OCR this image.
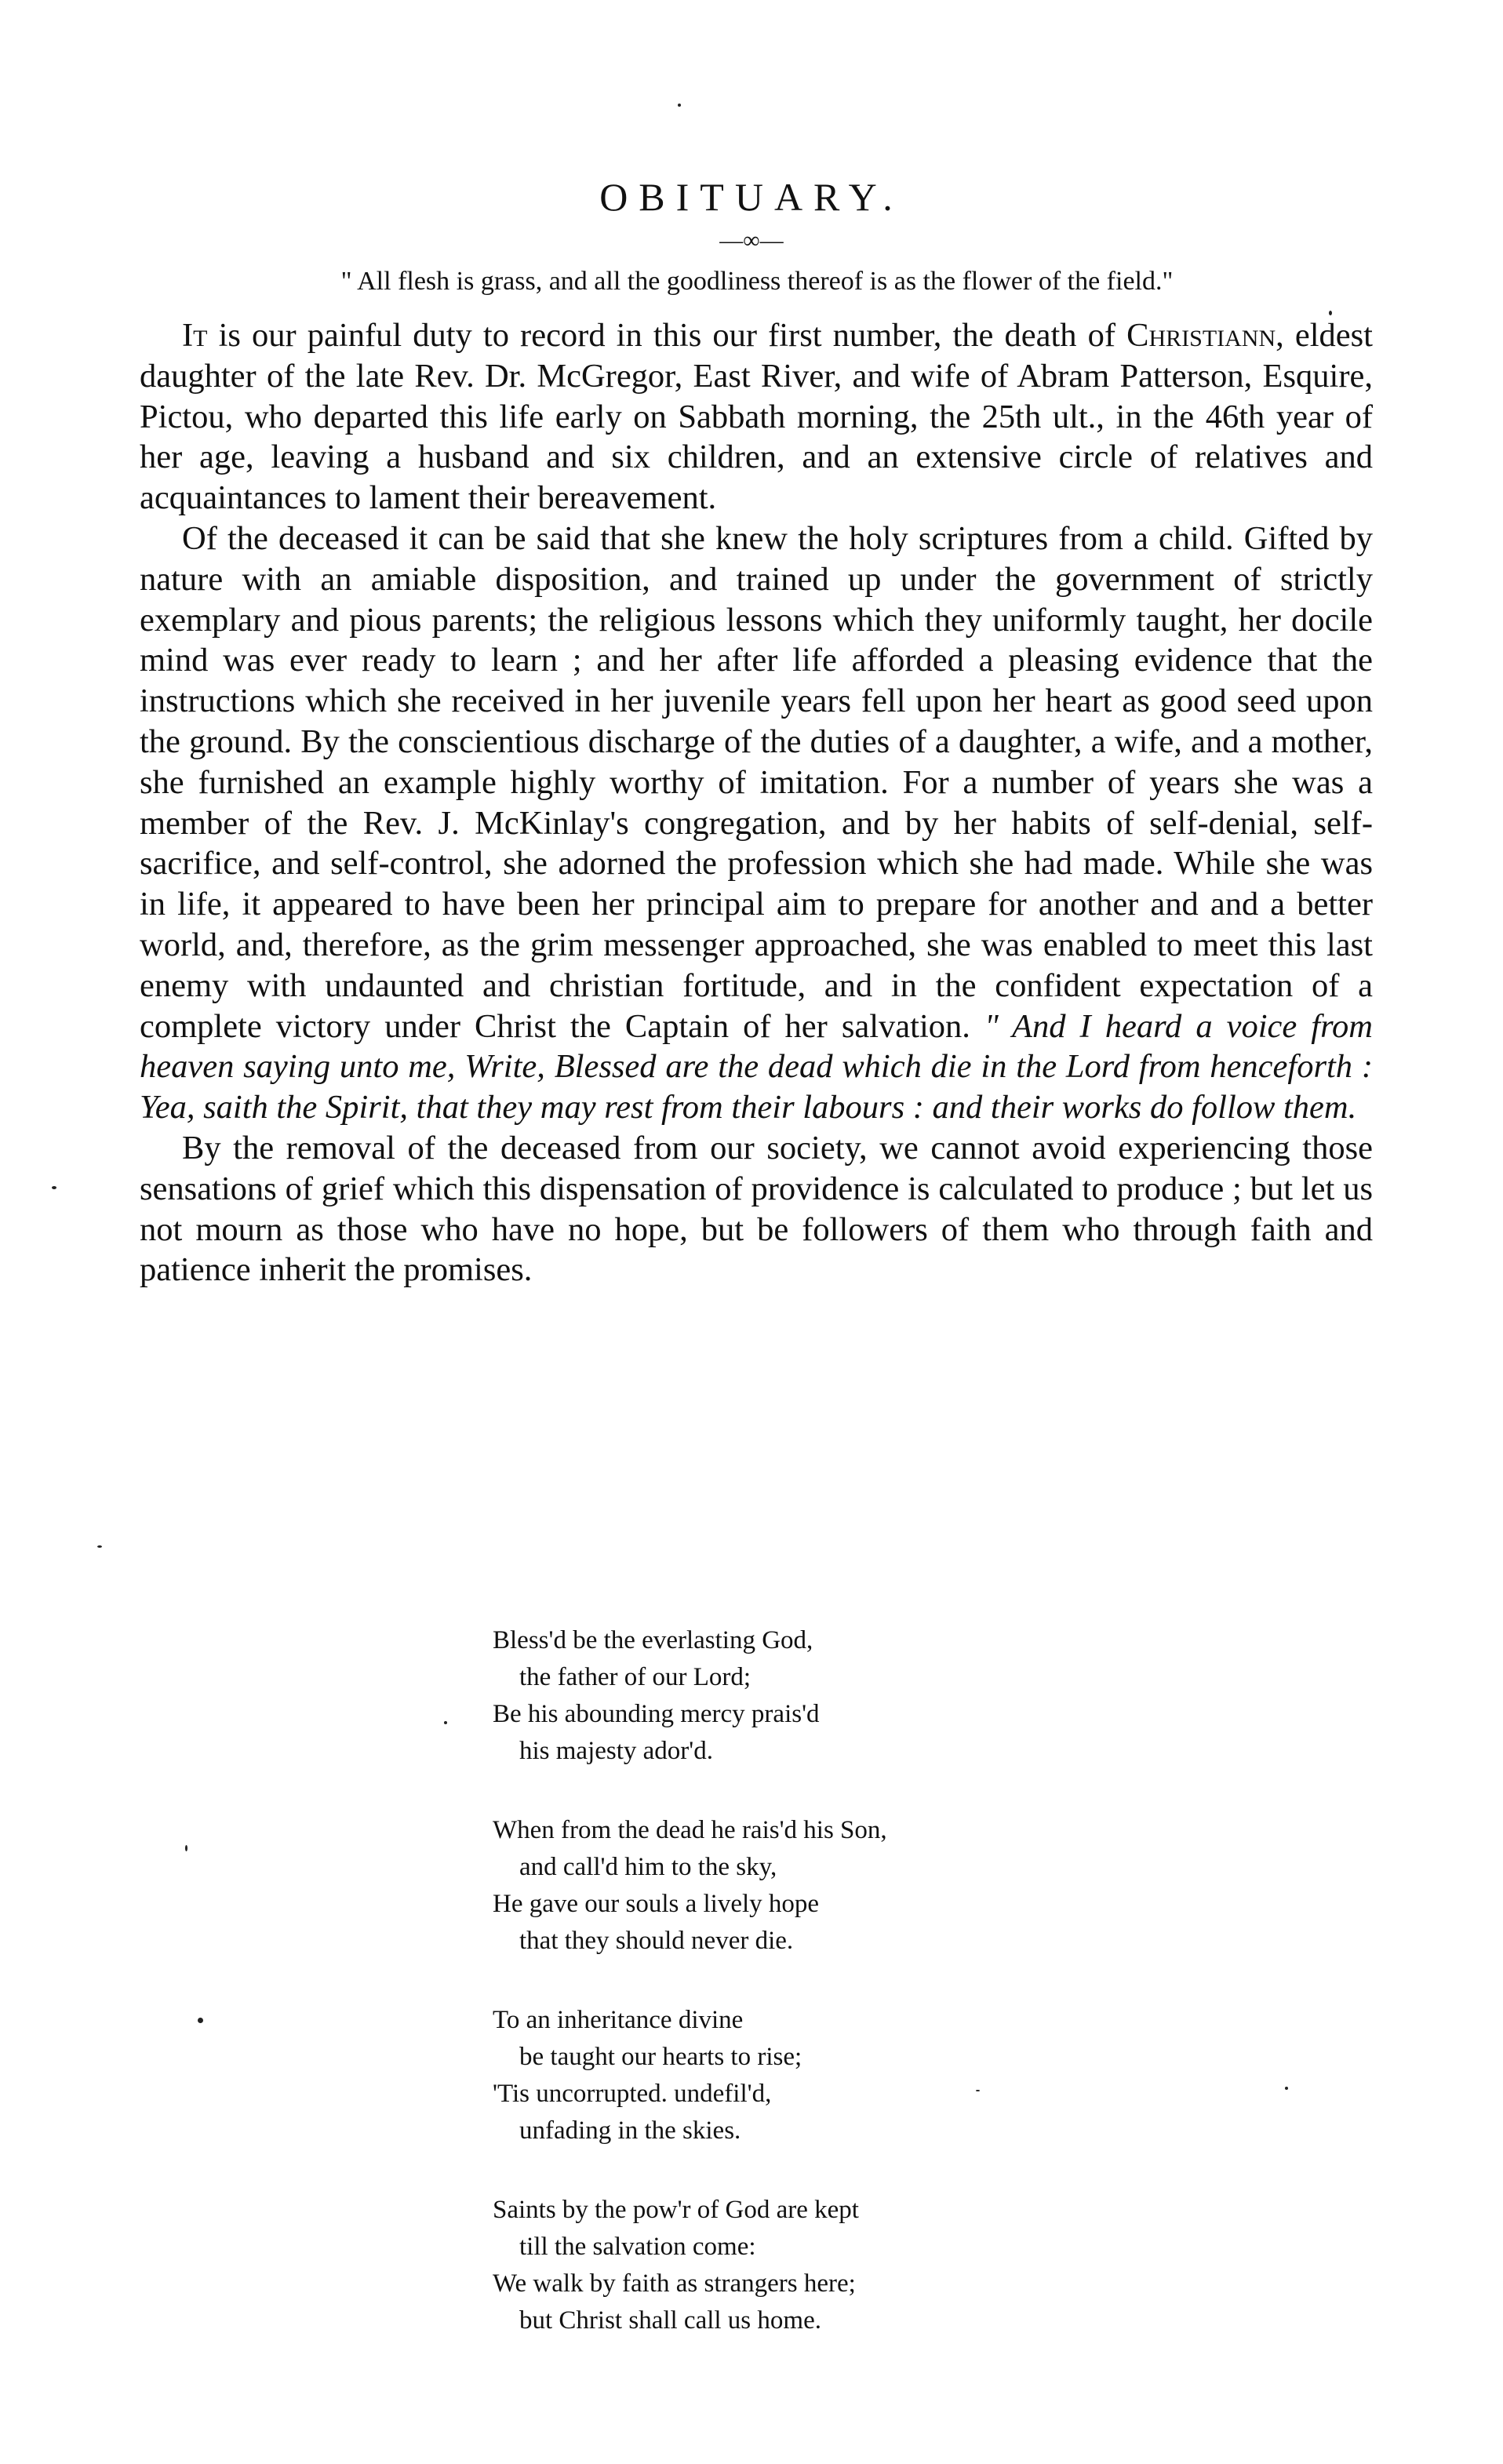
OBITUARY.
—∞—

" All flesh is grass, and all the goodliness thereof is as the flower of the field."

It is our painful duty to record in this our first number, the death of Christiann, eldest daughter of the late Rev. Dr. McGregor, East River, and wife of Abram Patterson, Esquire, Pictou, who departed this life early on Sabbath morning, the 25th ult., in the 46th year of her age, leaving a husband and six children, and an extensive circle of relatives and acquaintances to lament their bereavement.

Of the deceased it can be said that she knew the holy scriptures from a child. Gifted by nature with an amiable disposition, and trained up under the government of strictly exemplary and pious parents; the religious lessons which they uniformly taught, her docile mind was ever ready to learn ; and her after life afforded a pleasing evidence that the instructions which she received in her juvenile years fell upon her heart as good seed upon the ground. By the conscientious discharge of the duties of a daughter, a wife, and a mother, she furnished an example highly worthy of imitation. For a number of years she was a member of the Rev. J. McKinlay's congregation, and by her habits of self-denial, self-sacrifice, and self-control, she adorned the profession which she had made. While she was in life, it appeared to have been her principal aim to prepare for another and and a better world, and, therefore, as the grim messenger approached, she was enabled to meet this last enemy with undaunted and christian fortitude, and in the confident expectation of a complete victory under Christ the Captain of her salvation. " And I heard a voice from heaven saying unto me, Write, Blessed are the dead which die in the Lord from henceforth : Yea, saith the Spirit, that they may rest from their labours : and their works do follow them.

By the removal of the deceased from our society, we cannot avoid experiencing those sensations of grief which this dispensation of providence is calculated to produce ; but let us not mourn as those who have no hope, but be followers of them who through faith and patience inherit the promises.

Bless'd be the everlasting God,
the father of our Lord;
Be his abounding mercy prais'd
his majesty ador'd.
When from the dead he rais'd his Son,
and call'd him to the sky,
He gave our souls a lively hope
that they should never die.
To an inheritance divine
be taught our hearts to rise;
'Tis uncorrupted. undefil'd,
unfading in the skies.
Saints by the pow'r of God are kept
till the salvation come:
We walk by faith as strangers here;
but Christ shall call us home.
